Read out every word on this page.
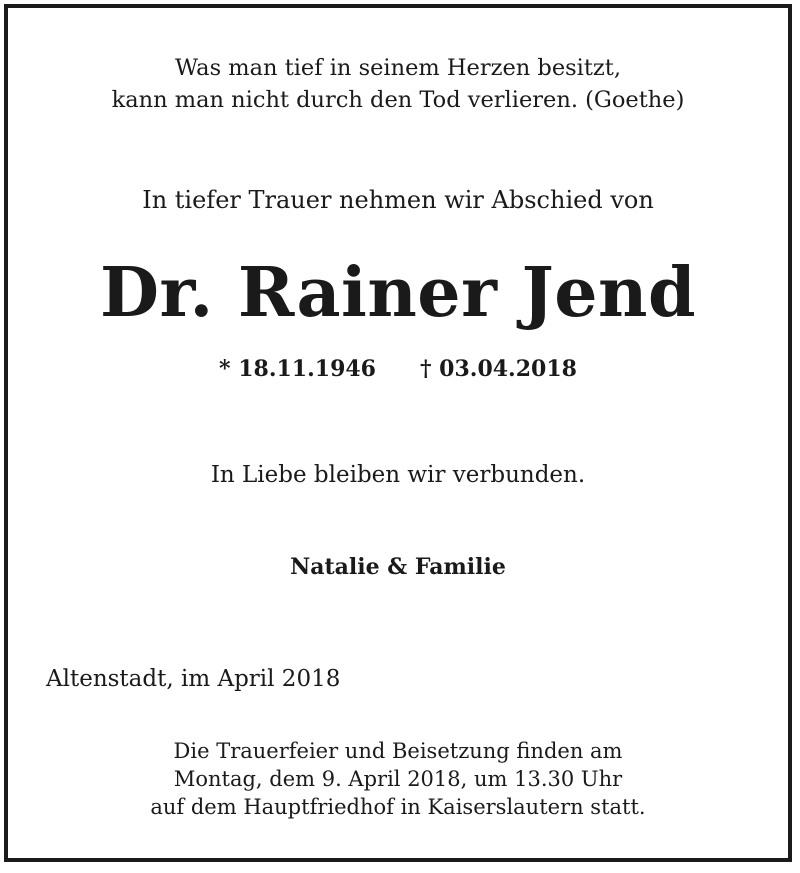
Was man tief in seinem Herzen besitzt,
kann man nicht durch den Tod verlieren. (Goethe)
In tiefer Trauer nehmen wir Abschied von
Dr. Rainer Jend
* 18.11.1946 † 03.04.2018
In Liebe bleiben wir verbunden.
Natalie & Familie
Altenstadt, im April 2018
Die Trauerfeier und Beisetzung finden am
Montag, dem 9. April 2018, um 13.30 Uhr
auf dem Hauptfriedhof in Kaiserslautern statt.
